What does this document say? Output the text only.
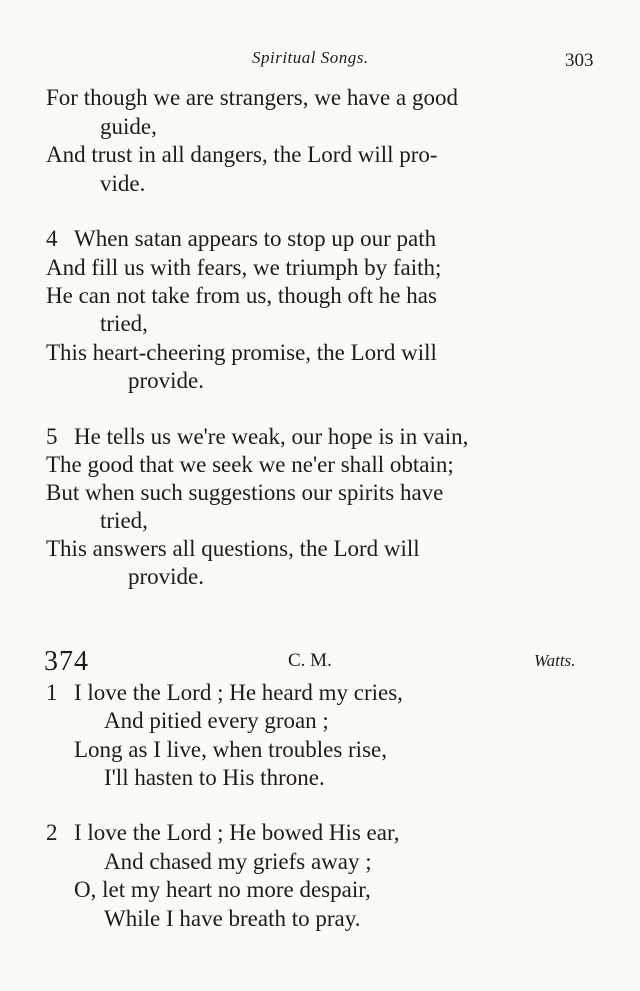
Spiritual Songs.	303
For though we are strangers, we have a good
guide,
And trust in all dangers, the Lord will pro-
vide.
4 When satan appears to stop up our path
And fill us with fears, we triumph by faith;
He can not take from us, though oft he has
tried,
This heart-cheering promise, the Lord will
provide.
5 He tells us we're weak, our hope is in vain,
The good that we seek we ne'er shall obtain;
But when such suggestions our spirits have
tried,
This answers all questions, the Lord will
provide.
374	C. M.	Watts.
1 I love the Lord ; He heard my cries,
And pitied every groan ;
Long as I live, when troubles rise,
I'll hasten to His throne.
2 I love the Lord ; He bowed His ear,
And chased my griefs away ;
O, let my heart no more despair,
While I have breath to pray.
